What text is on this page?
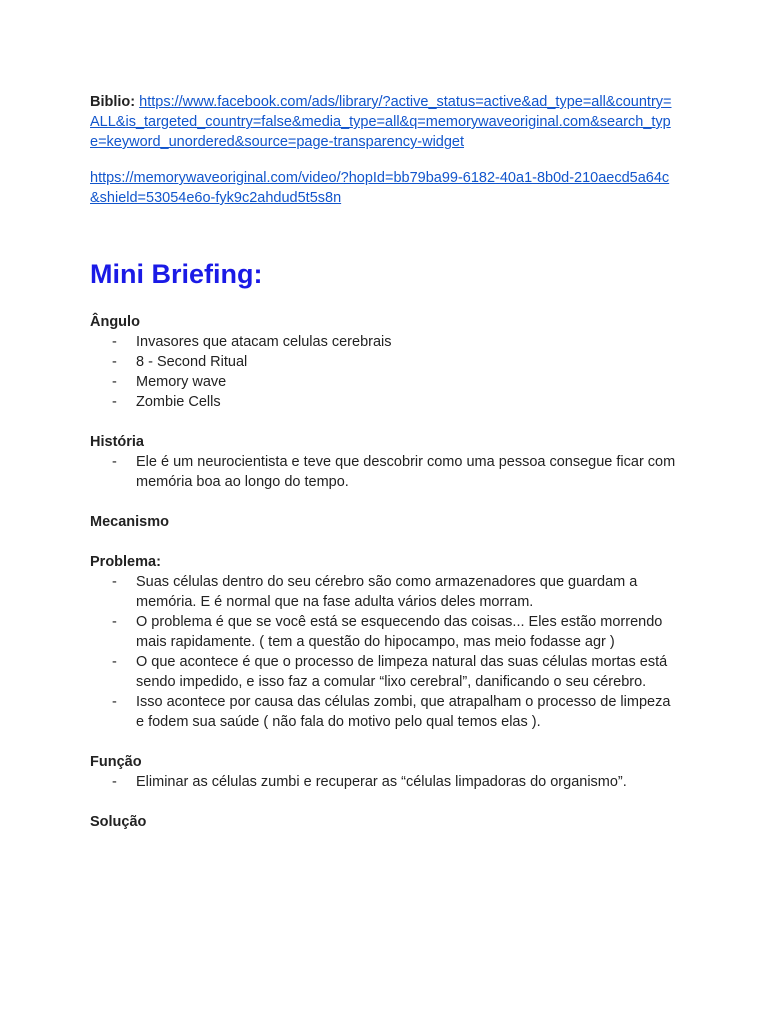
Biblio: https://www.facebook.com/ads/library/?active_status=active&ad_type=all&country=ALL&is_targeted_country=false&media_type=all&q=memorywaveoriginal.com&search_type=keyword_unordered&source=page-transparency-widget

https://memorywaveoriginal.com/video/?hopId=bb79ba99-6182-40a1-8b0d-210aecd5a64c&shield=53054e6o-fyk9c2ahdud5t5s8n

Mini Briefing:

Ângulo

- Invasores que atacam celulas cerebrais
- 8 - Second Ritual
- Memory wave
- Zombie Cells

História

- Ele é um neurocientista e teve que descobrir como uma pessoa consegue ficar com memória boa ao longo do tempo.

Mecanismo

Problema:

- Suas células dentro do seu cérebro são como armazenadores que guardam a memória. E é normal que na fase adulta vários deles morram.
- O problema é que se você está se esquecendo das coisas... Eles estão morrendo mais rapidamente. ( tem a questão do hipocampo, mas meio fodasse agr )
- O que acontece é que o processo de limpeza natural das suas células mortas está sendo impedido, e isso faz a comular “lixo cerebral”, danificando o seu cérebro.
- Isso acontece por causa das células zombi, que atrapalham o processo de limpeza e fodem sua saúde ( não fala do motivo pelo qual temos elas ).

Função

- Eliminar as células zumbi e recuperar as “células limpadoras do organismo”.

Solução
